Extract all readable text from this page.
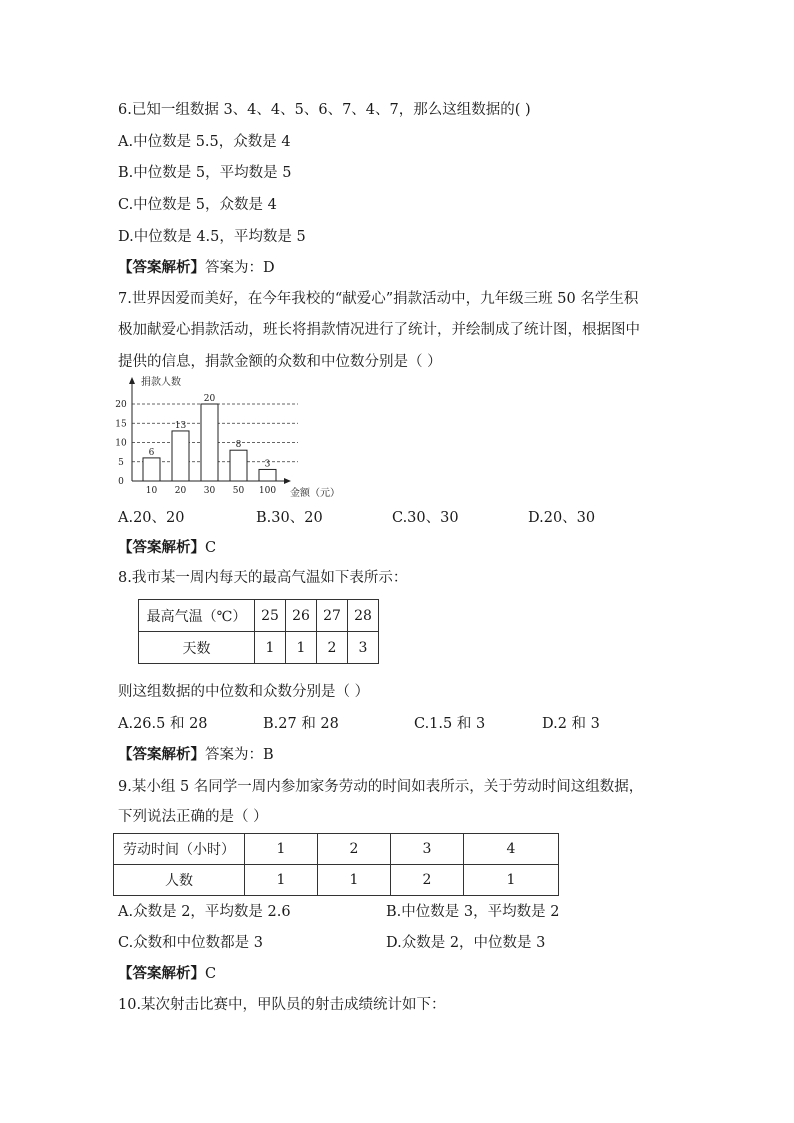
6.已知一组数据 3、4、4、5、6、7、4、7，那么这组数据的( )
A.中位数是 5.5，众数是 4
B.中位数是 5，平均数是 5
C.中位数是 5，众数是 4
D.中位数是 4.5，平均数是 5
【答案解析】答案为：D
7.世界因爱而美好，在今年我校的“献爱心”捐款活动中，九年级三班 50 名学生积
极加献爱心捐款活动，班长将捐款情况进行了统计，并绘制成了统计图，根据图中
提供的信息，捐款金额的众数和中位数分别是（ ）
捐款人数
0
5
10
15
20
6
10
13
20
20
30
8
50
3
100 金额（元）
A.20、20	B.30、20	C.30、30	D.20、30
【答案解析】C
8.我市某一周内每天的最高气温如下表所示：
最高气温（℃）	25	26	27	28
天数	1	1	2	3
则这组数据的中位数和众数分别是（ ）
A.26.5 和 28	B.27 和 28	C.1.5 和 3	D.2 和 3
【答案解析】答案为：B
9.某小组 5 名同学一周内参加家务劳动的时间如表所示，关于劳动时间这组数据，
下列说法正确的是（ ）
劳动时间（小时）	1	2	3	4
人数	1	1	2	1
A.众数是 2，平均数是 2.6	B.中位数是 3，平均数是 2
C.众数和中位数都是 3	D.众数是 2，中位数是 3
【答案解析】C
10.某次射击比赛中，甲队员的射击成绩统计如下：
